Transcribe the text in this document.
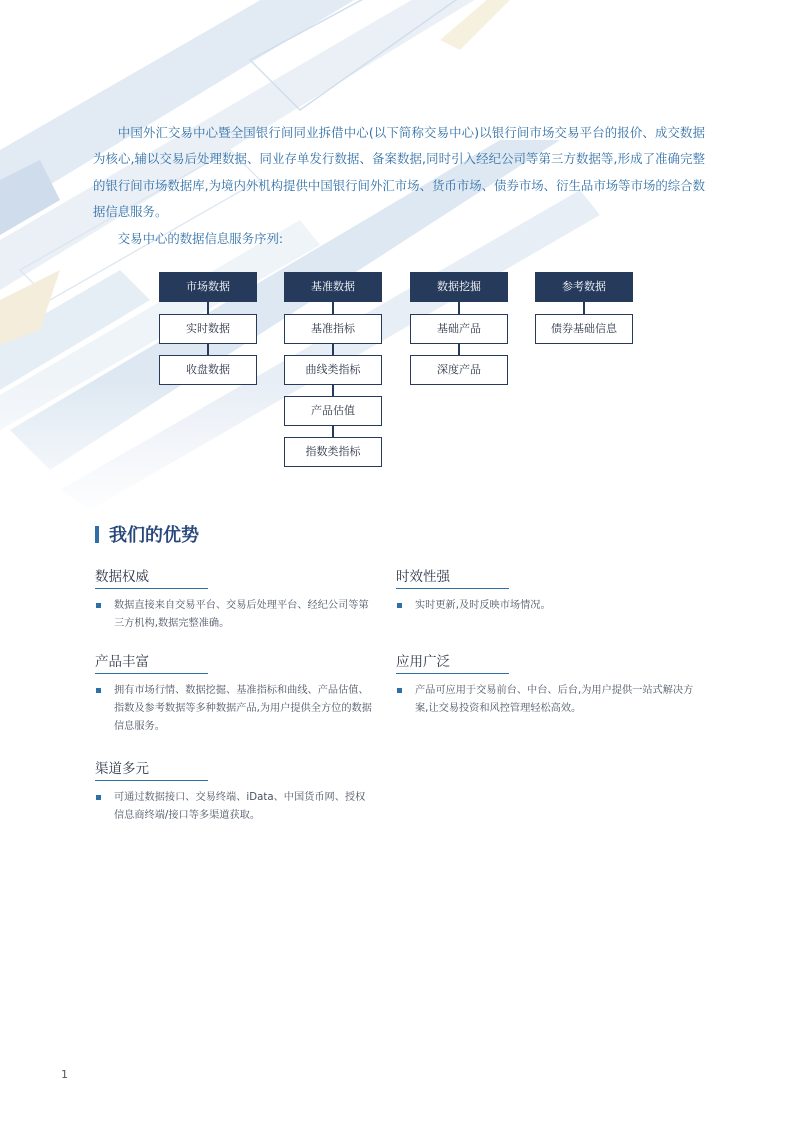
中国外汇交易中心暨全国银行间同业拆借中心(以下简称交易中心)以银行间市场交易平台的报价、成交数据为核心,辅以交易后处理数据、同业存单发行数据、备案数据,同时引入经纪公司等第三方数据等,形成了准确完整的银行间市场数据库,为境内外机构提供中国银行间外汇市场、货币市场、债券市场、衍生品市场等市场的综合数据信息服务。

交易中心的数据信息服务序列:

市场数据
实时数据
收盘数据
基准数据
基准指标
曲线类指标
产品估值
指数类指标
数据挖掘
基础产品
深度产品
参考数据
债券基础信息
我们的优势
数据权威
数据直接来自交易平台、交易后处理平台、经纪公司等第三方机构,数据完整准确。
时效性强
实时更新,及时反映市场情况。
产品丰富
拥有市场行情、数据挖掘、基准指标和曲线、产品估值、指数及参考数据等多种数据产品,为用户提供全方位的数据信息服务。
应用广泛
产品可应用于交易前台、中台、后台,为用户提供一站式解决方案,让交易投资和风控管理轻松高效。
渠道多元
可通过数据接口、交易终端、iData、中国货币网、授权信息商终端/接口等多渠道获取。
1
